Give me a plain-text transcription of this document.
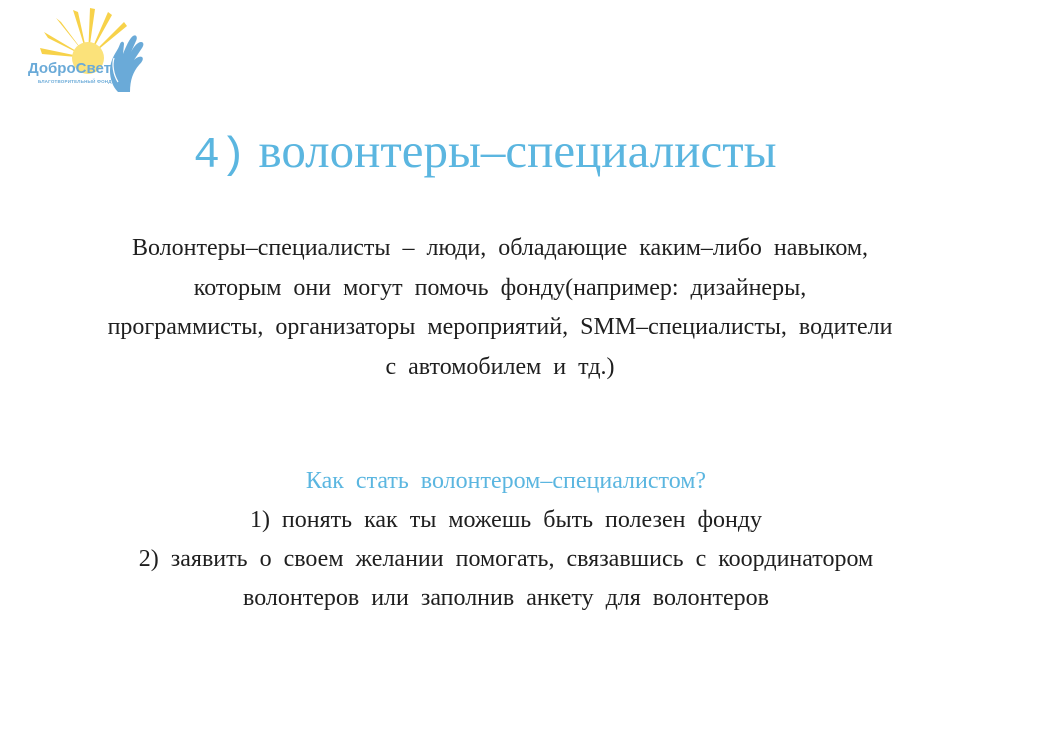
ДоброСвет
БЛАГОТВОРИТЕЛЬНЫЙ ФОНД
4) волонтеры–специалисты

Волонтеры–специалисты – люди, обладающие каким–либо навыком,

которым они могут помочь фонду(например: дизайнеры,

программисты, организаторы мероприятий, SMM–специалисты, водители

с автомобилем и тд.)

Как стать волонтером–специалистом?

1) понять как ты можешь быть полезен фонду

2) заявить о своем желании помогать, связавшись с координатором

волонтеров или заполнив анкету для волонтеров
